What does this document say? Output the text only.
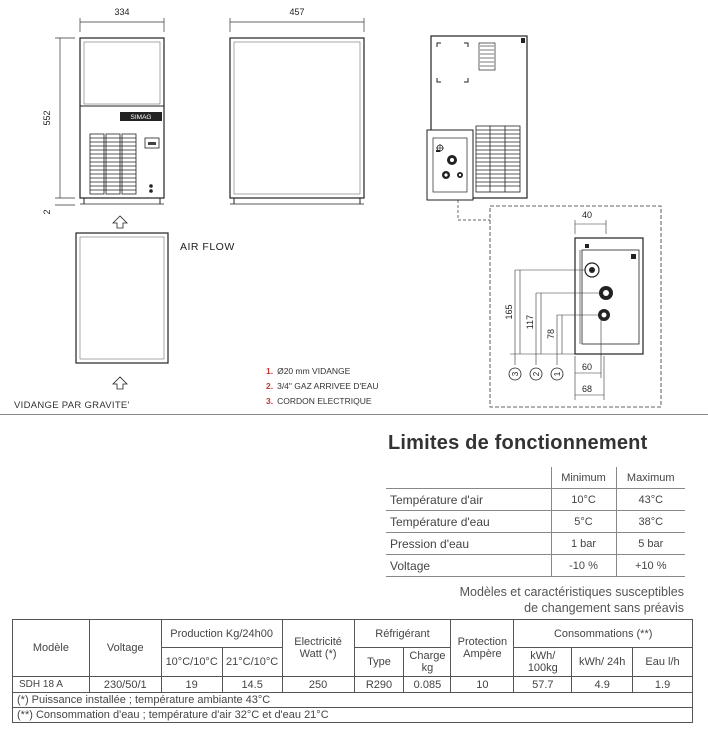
334
552
2
SIMAG
457
AIR FLOW
40
165
117
78
3 2 1
60
68
1. Ø20 mm VIDANGE
2. 3/4" GAZ ARRIVEE D'EAU
3. CORDON ELECTRIQUE
VIDANGE PAR GRAVITE'
Limites de fonctionnement
	Minimum	Maximum
Température d'air	10°C	43°C
Température d'eau	5°C	38°C
Pression d'eau	1 bar	5 bar
Voltage	-10 %	+10 %
Modèles et caractéristiques susceptibles
de changement sans préavis
Modèle	Voltage	Production Kg/24h00		Electricité Watt (*)	Réfrigérant		Protection Ampère	Consommations (**)		
		10°C/10°C	21°C/10°C		Type	Charge kg		kWh/ 100kg	kWh/ 24h	Eau l/h
SDH 18 A	230/50/1	19	14.5	250	R290	0.085	10	57.7	4.9	1.9
(*) Puissance installée ; température ambiante 43°C										
(**) Consommation d'eau ; température d'air 32°C et d'eau 21°C										
